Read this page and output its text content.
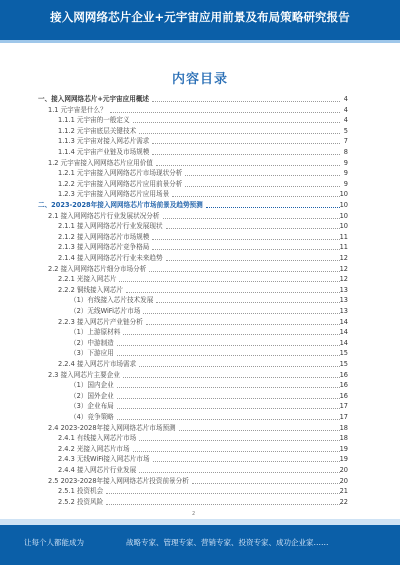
接入网网络芯片企业+元宇宙应用前景及布局策略研究报告
内容目录
一、接入网网络芯片+元宇宙应用概述	4
1.1 元宇宙是什么？	4
1.1.1 元宇宙的一般定义	4
1.1.2 元宇宙底层关键技术	5
1.1.3 元宇宙对接入网芯片需求	7
1.1.4 元宇宙产业链及市场规模	8
1.2 元宇宙接入网网络芯片应用价值	9
1.2.1 元宇宙接入网网络芯片市场现状分析	9
1.2.2 元宇宙接入网网络芯片应用前景分析	9
1.2.3 元宇宙接入网网络芯片应用场景	10
二、2023-2028年接入网网络芯片市场前景及趋势预测	10
2.1 接入网网络芯片行业发展状况分析	10
2.1.1 接入网网络芯片行业发展现状	10
2.1.2 接入网网络芯片市场规模	11
2.1.3 接入网网络芯片竞争格局	11
2.1.4 接入网网络芯片行业未来趋势	12
2.2 接入网网络芯片细分市场分析	12
2.2.1 光接入网芯片	12
2.2.2 铜线接入网芯片	13
（1）有线接入芯片技术发展	13
（2）无线WiFi芯片市场	13
2.2.3 接入网芯片产业链分析	14
（1）上游原材料	14
（2）中游制造	14
（3）下游应用	15
2.2.4 接入网芯片市场需求	15
2.3 接入网芯片主要企业	16
（1）国内企业	16
（2）国外企业	16
（3）企业布局	17
（4）竞争策略	17
2.4 2023-2028年接入网网络芯片市场预测	18
2.4.1 有线接入网芯片市场	18
2.4.2 光接入网芯片市场	19
2.4.3 无线WiFi接入网芯片市场	19
2.4.4 接入网芯片行业发展	20
2.5 2023-2028年接入网网络芯片投资前景分析	20
2.5.1 投资机会	21
2.5.2 投资风险	22
2
让每个人都能成为	战略专家、管理专家、营销专家、投资专家、成功企业家……
